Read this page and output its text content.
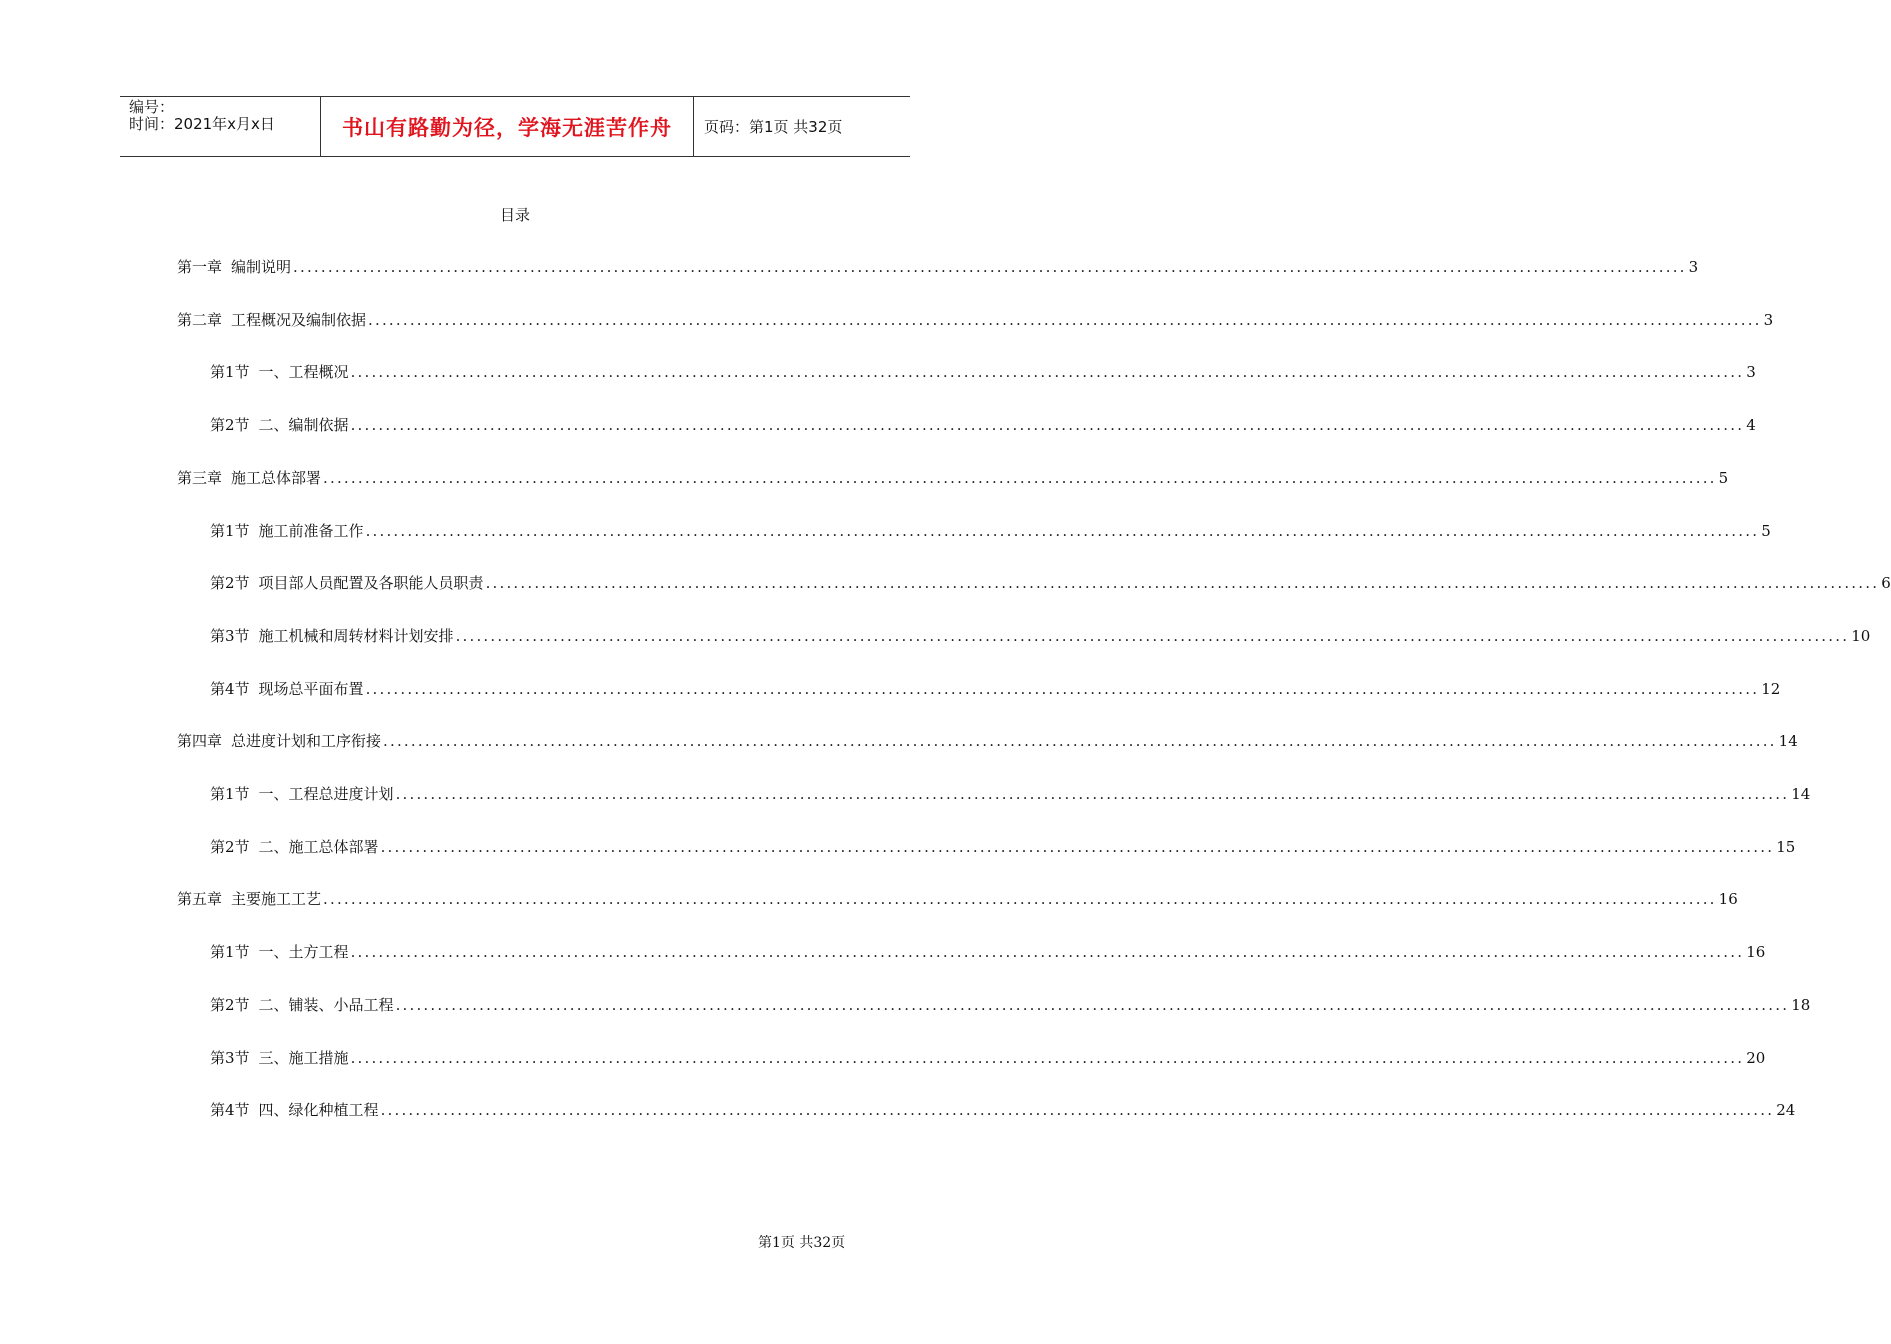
编号：
时间：2021年x月x日	书山有路勤为径，学海无涯苦作舟	页码：第1页 共32页
目录
第一章 编制说明 ........................................................................................................................................................................................................ 3
第二章 工程概况及编制依据 ........................................................................................................................................................................................................ 3
第1节 一、工程概况 ........................................................................................................................................................................................................ 3
第2节 二、编制依据 ........................................................................................................................................................................................................ 4
第三章 施工总体部署 ........................................................................................................................................................................................................ 5
第1节 施工前准备工作 ........................................................................................................................................................................................................ 5
第2节 项目部人员配置及各职能人员职责 ........................................................................................................................................................................................................ 6
第3节 施工机械和周转材料计划安排 ........................................................................................................................................................................................................ 10
第4节 现场总平面布置 ........................................................................................................................................................................................................ 12
第四章 总进度计划和工序衔接 ........................................................................................................................................................................................................ 14
第1节 一、工程总进度计划 ........................................................................................................................................................................................................ 14
第2节 二、施工总体部署 ........................................................................................................................................................................................................ 15
第五章 主要施工工艺 ........................................................................................................................................................................................................ 16
第1节 一、土方工程 ........................................................................................................................................................................................................ 16
第2节 二、铺装、小品工程 ........................................................................................................................................................................................................ 18
第3节 三、施工措施 ........................................................................................................................................................................................................ 20
第4节 四、绿化种植工程 ........................................................................................................................................................................................................ 24
第1页 共32页
